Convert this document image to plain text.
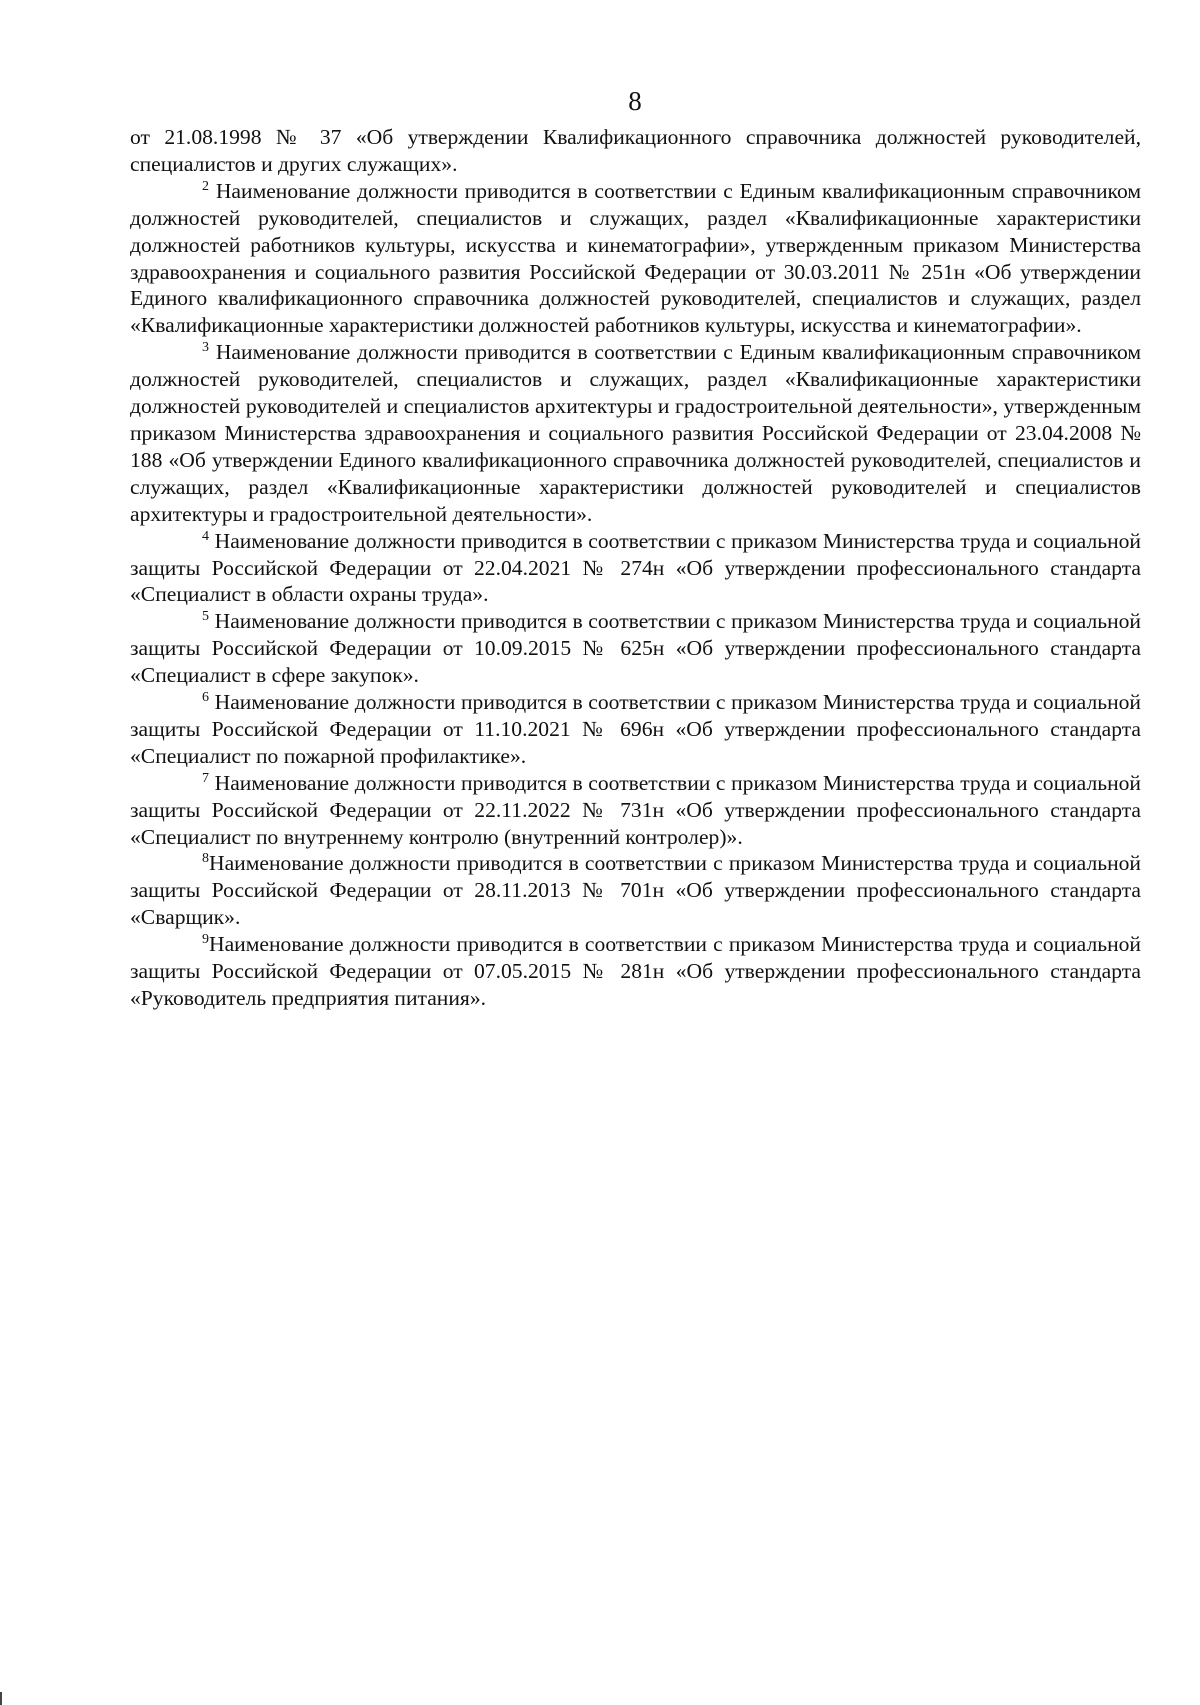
8

от 21.08.1998 № 37 «Об утверждении Квалификационного справочника должностей руководителей, специалистов и других служащих».

$^2$ Наименование должности приводится в соответствии с Единым квалификационным справочником должностей руководителей, специалистов и служащих, раздел «Квалификационные характеристики должностей работников культуры, искусства и кинематографии», утвержденным приказом Министерства здравоохранения и социального развития Российской Федерации от 30.03.2011 № 251н «Об утверждении Единого квалификационного справочника должностей руководителей, специалистов и служащих, раздел «Квалификационные характеристики должностей работников культуры, искусства и кинематографии».

$^3$ Наименование должности приводится в соответствии с Единым квалификационным справочником должностей руководителей, специалистов и служащих, раздел «Квалификационные характеристики должностей руководителей и специалистов архитектуры и градостроительной деятельности», утвержденным приказом Министерства здравоохранения и социального развития Российской Федерации от 23.04.2008 № 188 «Об утверждении Единого квалификационного справочника должностей руководителей, специалистов и служащих, раздел «Квалификационные характеристики должностей руководителей и специалистов архитектуры и градостроительной деятельности».

$^4$ Наименование должности приводится в соответствии с приказом Министерства труда и социальной защиты Российской Федерации от 22.04.2021 № 274н «Об утверждении профессионального стандарта «Специалист в области охраны труда».

$^5$ Наименование должности приводится в соответствии с приказом Министерства труда и социальной защиты Российской Федерации от 10.09.2015 № 625н «Об утверждении профессионального стандарта «Специалист в сфере закупок».

$^6$ Наименование должности приводится в соответствии с приказом Министерства труда и социальной защиты Российской Федерации от 11.10.2021 № 696н «Об утверждении профессионального стандарта «Специалист по пожарной профилактике».

$^7$ Наименование должности приводится в соответствии с приказом Министерства труда и социальной защиты Российской Федерации от 22.11.2022 № 731н «Об утверждении профессионального стандарта «Специалист по внутреннему контролю (внутренний контролер)».

$^8$Наименование должности приводится в соответствии с приказом Министерства труда и социальной защиты Российской Федерации от 28.11.2013 № 701н «Об утверждении профессионального стандарта «Сварщик».

$^9$Наименование должности приводится в соответствии с приказом Министерства труда и социальной защиты Российской Федерации от 07.05.2015 № 281н «Об утверждении профессионального стандарта «Руководитель предприятия питания».
